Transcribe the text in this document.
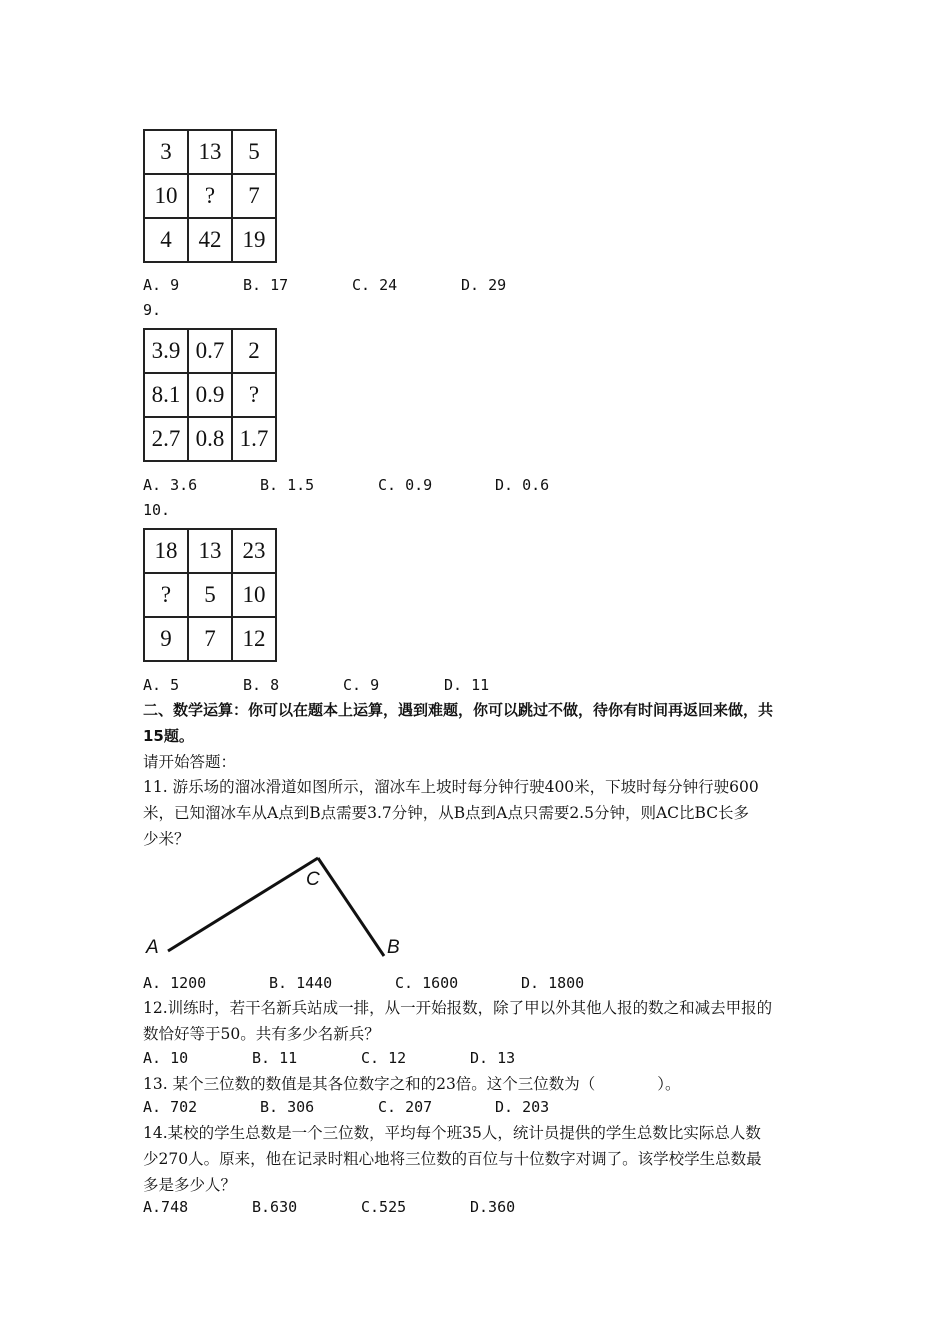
3	13	5
10	?	7
4	42	19

A. 9

	B. 17

	C. 24

	D. 29

9.
3.9	0.7	2
8.1	0.9	?
2.7	0.8	1.7

A. 3.6

	B. 1.5

	C. 0.9

	D. 0.6

10.
18	13	23
?	5	10
9	7	12

A. 5

	B. 8

	C. 9

	D. 11

二、数学运算：你可以在题本上运算，遇到难题，你可以跳过不做，待你有时间再返回来做，共
15题。
请开始答题：
11. 游乐场的溜冰滑道如图所示，溜冰车上坡时每分钟行驶400米，下坡时每分钟行驶600
米，已知溜冰车从A点到B点需要3.7分钟，从B点到A点只需要2.5分钟，则AC比BC长多
少米？
A
C
B

A. 1200

	B. 1440

	C. 1600

	D. 1800

12.训练时，若干名新兵站成一排，从一开始报数，除了甲以外其他人报的数之和减去甲报的
数恰好等于50。共有多少名新兵？

A. 10

	B. 11

	C. 12

	D. 13

13. 某个三位数的数值是其各位数字之和的23倍。这个三位数为（　　　　）。

A. 702

	B. 306

	C. 207

	D. 203

14.某校的学生总数是一个三位数，平均每个班35人，统计员提供的学生总数比实际总人数
少270人。原来，他在记录时粗心地将三位数的百位与十位数字对调了。该学校学生总数最
多是多少人？

A.748

	B.630

	C.525

	D.360
